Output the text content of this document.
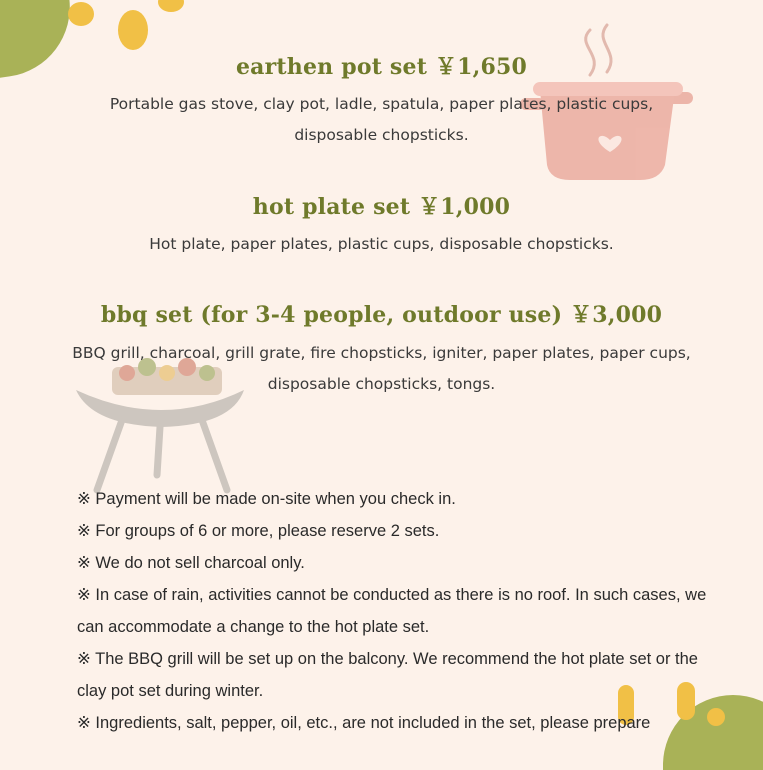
earthen pot set ￥1,650
Portable gas stove, clay pot, ladle, spatula, paper plates, plastic cups, disposable chopsticks.
hot plate set ￥1,000
Hot plate, paper plates, plastic cups, disposable chopsticks.
bbq set (for 3-4 people, outdoor use) ￥3,000
BBQ grill, charcoal, grill grate, fire chopsticks, igniter, paper plates, paper cups, disposable chopsticks, tongs.

※ Payment will be made on-site when you check in.

※ For groups of 6 or more, please reserve 2 sets.

※ We do not sell charcoal only.

※ In case of rain, activities cannot be conducted as there is no roof. In such cases, we can accommodate a change to the hot plate set.

※ The BBQ grill will be set up on the balcony. We recommend the hot plate set or the clay pot set during winter.

※ Ingredients, salt, pepper, oil, etc., are not included in the set, please prepare
